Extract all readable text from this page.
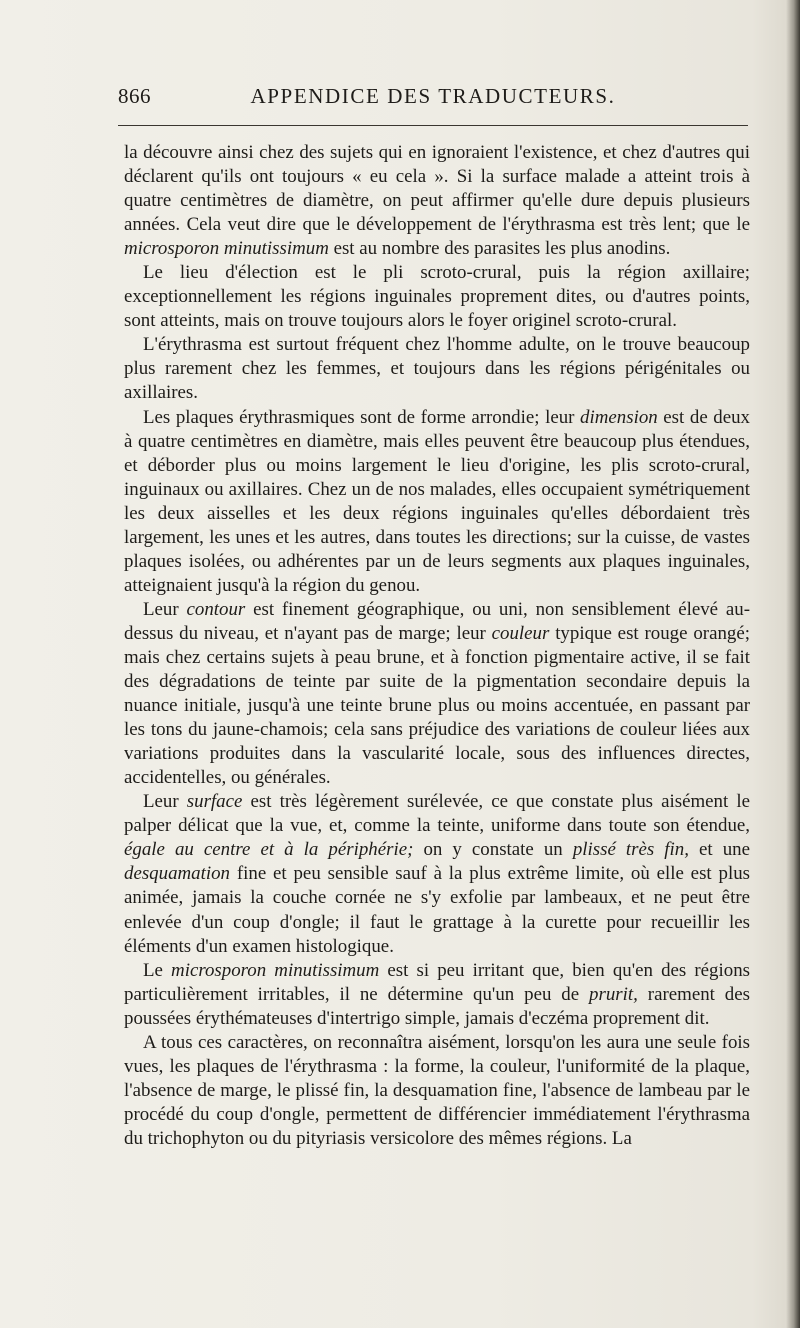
866	APPENDICE DES TRADUCTEURS.

la découvre ainsi chez des sujets qui en ignoraient l'existence, et chez d'autres qui déclarent qu'ils ont toujours « eu cela ». Si la surface malade a atteint trois à quatre centimètres de diamètre, on peut affirmer qu'elle dure depuis plusieurs années. Cela veut dire que le développement de l'érythrasma est très lent; que le microsporon minutissimum est au nombre des parasites les plus anodins.

Le lieu d'élection est le pli scroto-crural, puis la région axillaire; exceptionnellement les régions inguinales proprement dites, ou d'autres points, sont atteints, mais on trouve toujours alors le foyer originel scroto-crural.

L'érythrasma est surtout fréquent chez l'homme adulte, on le trouve beaucoup plus rarement chez les femmes, et toujours dans les régions périgénitales ou axillaires.

Les plaques érythrasmiques sont de forme arrondie; leur dimension est de deux à quatre centimètres en diamètre, mais elles peuvent être beaucoup plus étendues, et déborder plus ou moins largement le lieu d'origine, les plis scroto-crural, inguinaux ou axillaires. Chez un de nos malades, elles occupaient symétriquement les deux aisselles et les deux régions inguinales qu'elles débordaient très largement, les unes et les autres, dans toutes les directions; sur la cuisse, de vastes plaques isolées, ou adhérentes par un de leurs segments aux plaques inguinales, atteignaient jusqu'à la région du genou.

Leur contour est finement géographique, ou uni, non sensiblement élevé au-dessus du niveau, et n'ayant pas de marge; leur couleur typique est rouge orangé; mais chez certains sujets à peau brune, et à fonction pigmentaire active, il se fait des dégradations de teinte par suite de la pigmentation secondaire depuis la nuance initiale, jusqu'à une teinte brune plus ou moins accentuée, en passant par les tons du jaune-chamois; cela sans préjudice des variations de couleur liées aux variations produites dans la vascularité locale, sous des influences directes, accidentelles, ou générales.

Leur surface est très légèrement surélevée, ce que constate plus aisément le palper délicat que la vue, et, comme la teinte, uniforme dans toute son étendue, égale au centre et à la périphérie; on y constate un plissé très fin, et une desquamation fine et peu sensible sauf à la plus extrême limite, où elle est plus animée, jamais la couche cornée ne s'y exfolie par lambeaux, et ne peut être enlevée d'un coup d'ongle; il faut le grattage à la curette pour recueillir les éléments d'un examen histologique.

Le microsporon minutissimum est si peu irritant que, bien qu'en des régions particulièrement irritables, il ne détermine qu'un peu de prurit, rarement des poussées érythémateuses d'intertrigo simple, jamais d'eczéma proprement dit.

A tous ces caractères, on reconnaîtra aisément, lorsqu'on les aura une seule fois vues, les plaques de l'érythrasma : la forme, la couleur, l'uniformité de la plaque, l'absence de marge, le plissé fin, la desquamation fine, l'absence de lambeau par le procédé du coup d'ongle, permettent de différencier immédiatement l'érythrasma du trichophyton ou du pityriasis versicolore des mêmes régions. La
